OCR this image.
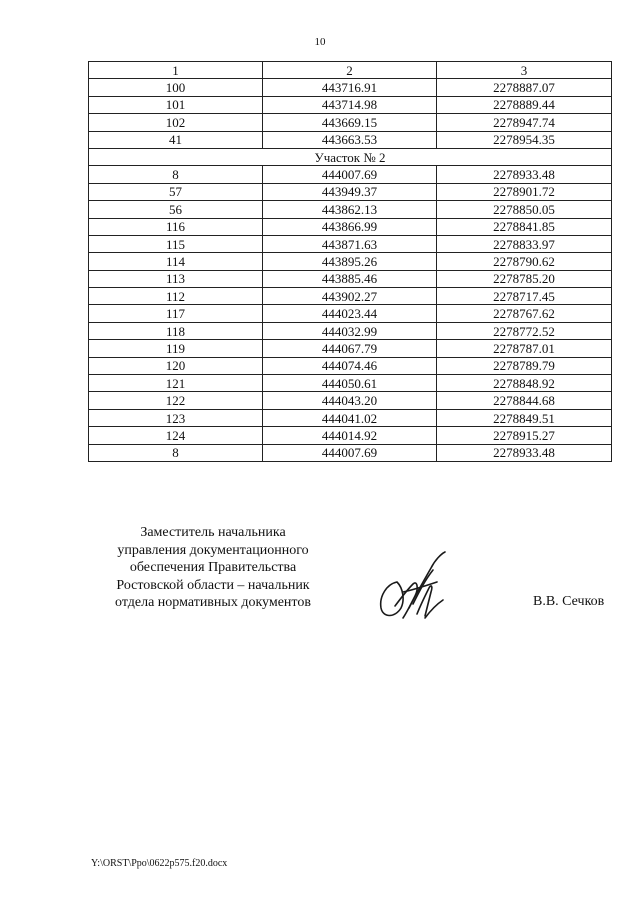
10
1	2	3
100	443716.91	2278887.07
101	443714.98	2278889.44
102	443669.15	2278947.74
41	443663.53	2278954.35
Участок № 2		
8	444007.69	2278933.48
57	443949.37	2278901.72
56	443862.13	2278850.05
116	443866.99	2278841.85
115	443871.63	2278833.97
114	443895.26	2278790.62
113	443885.46	2278785.20
112	443902.27	2278717.45
117	444023.44	2278767.62
118	444032.99	2278772.52
119	444067.79	2278787.01
120	444074.46	2278789.79
121	444050.61	2278848.92
122	444043.20	2278844.68
123	444041.02	2278849.51
124	444014.92	2278915.27
8	444007.69	2278933.48
Заместитель начальника
управления документационного
обеспечения Правительства
Ростовской области – начальник
отдела нормативных документов	В.В. Сечков
Y:\ORST\Ppo\0622p575.f20.docx
